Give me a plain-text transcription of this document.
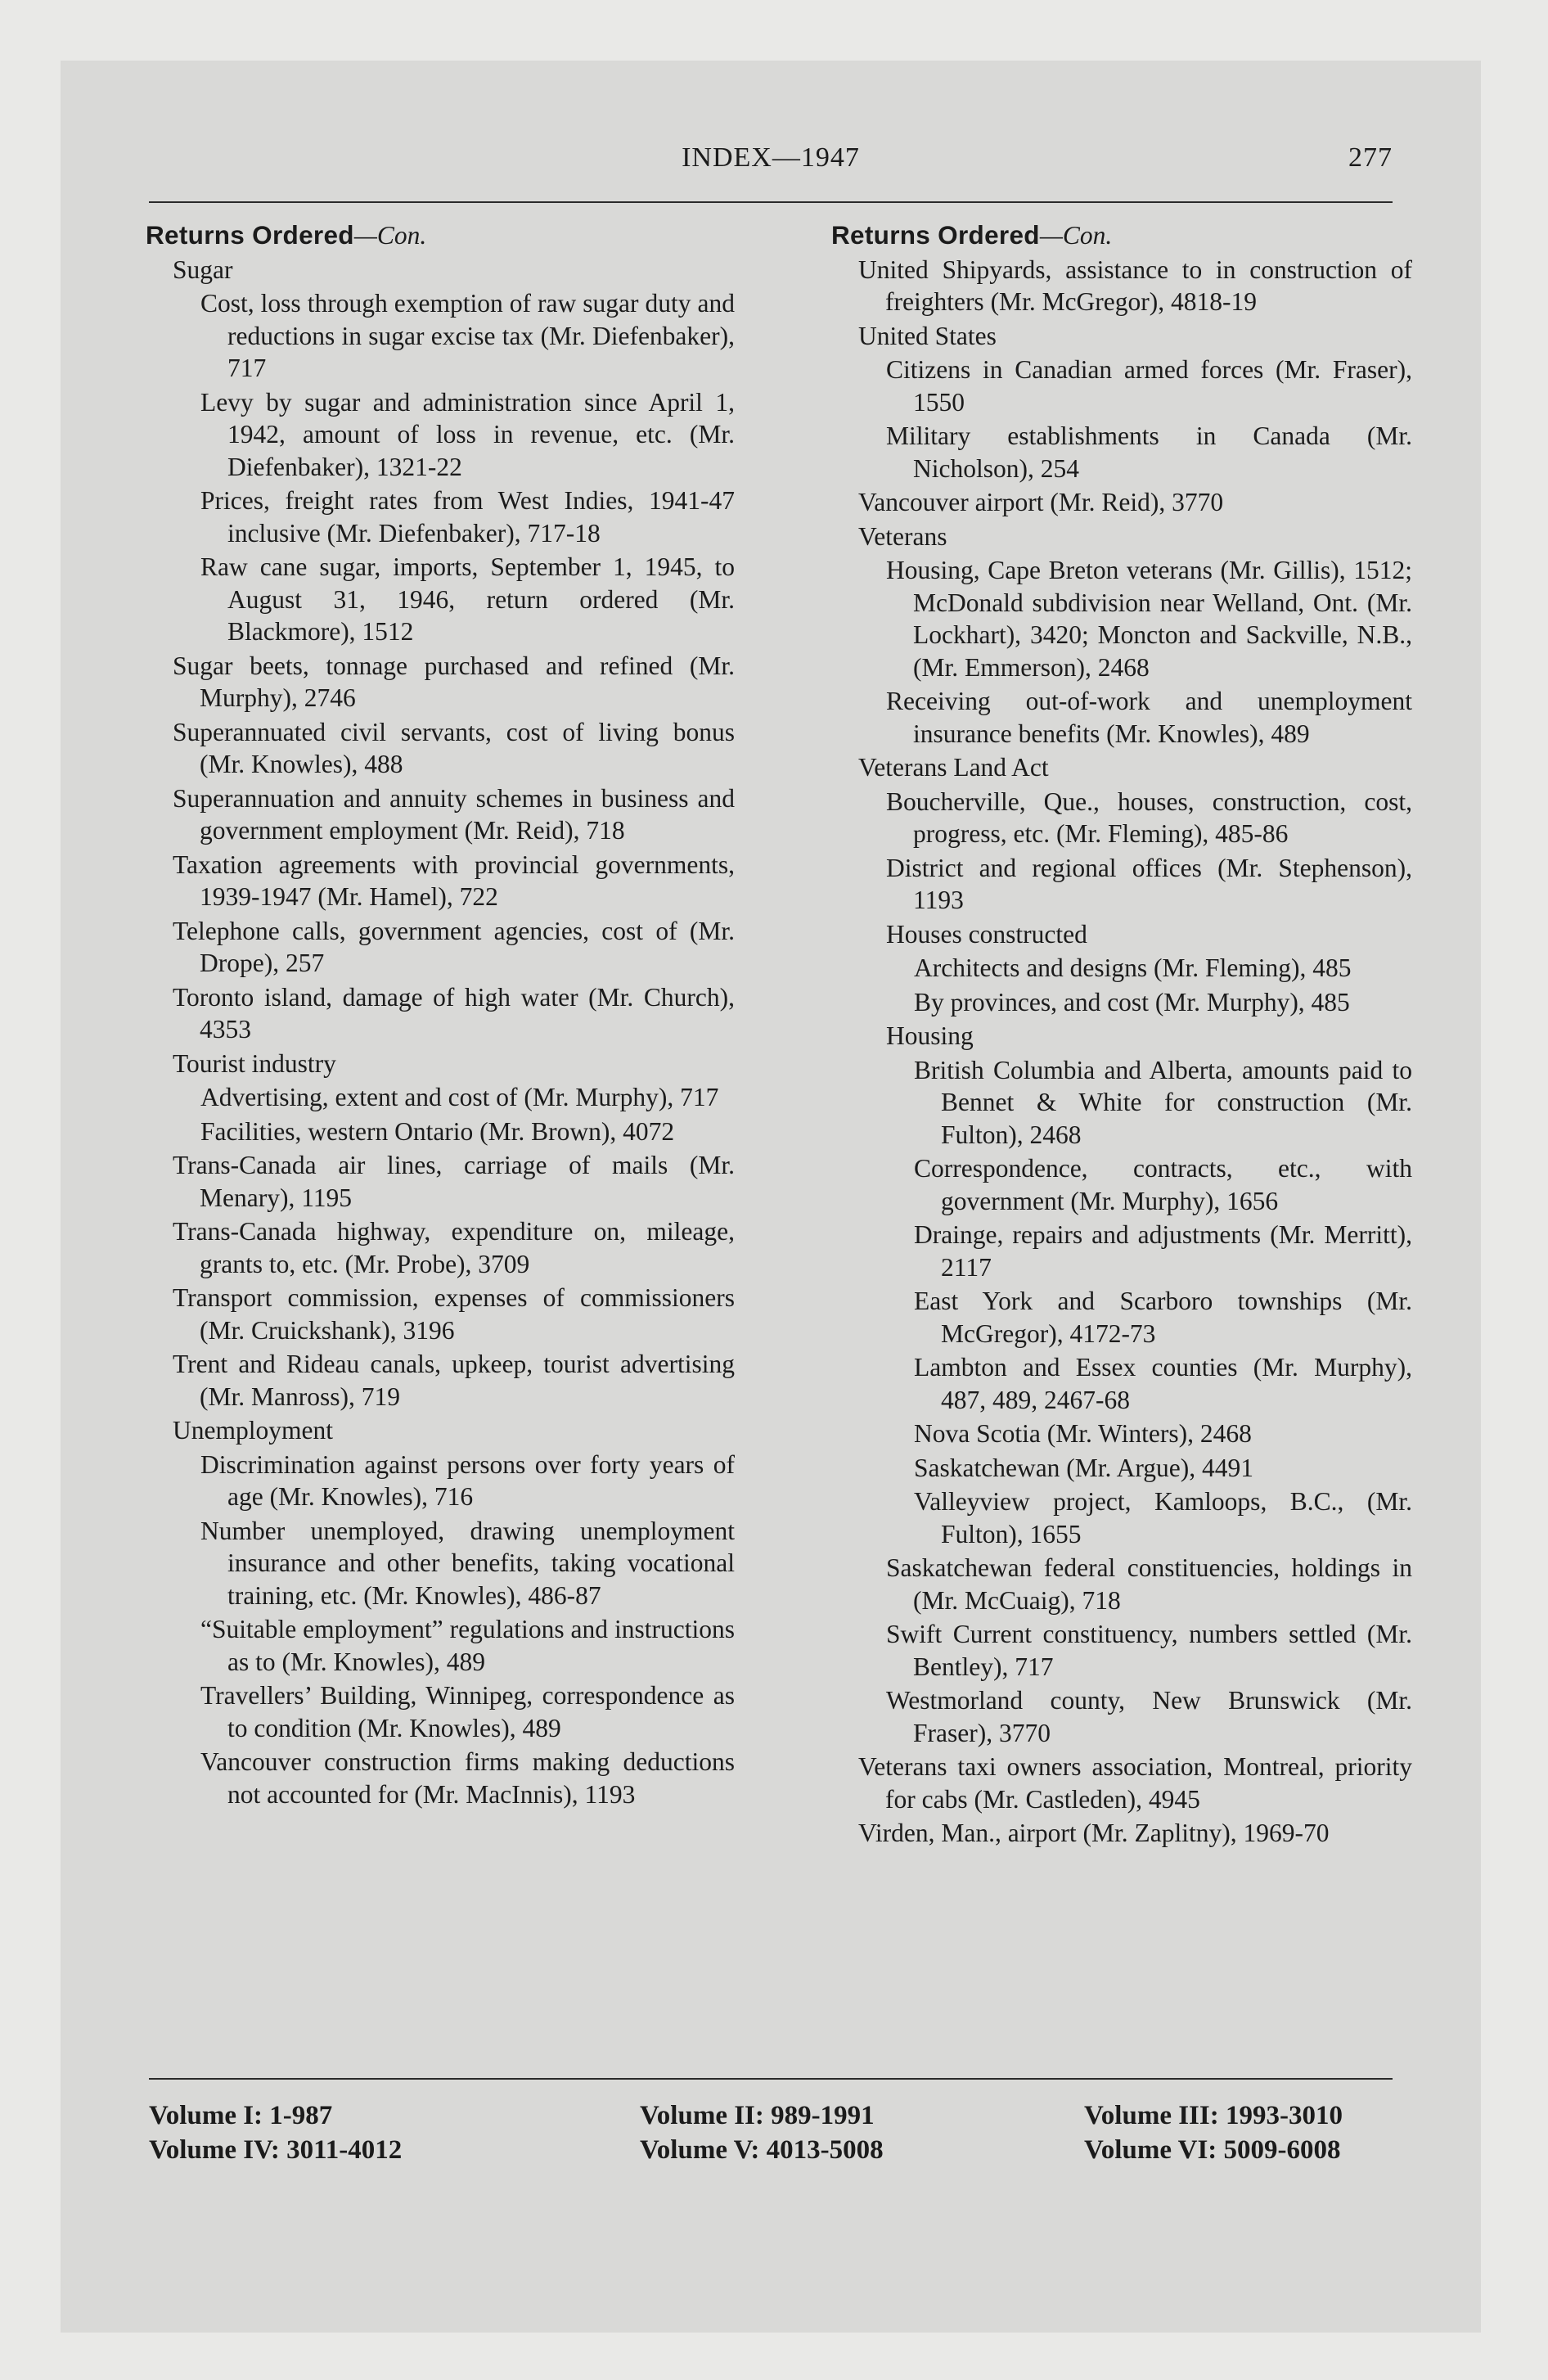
INDEX—1947	277
Returns Ordered—Con.

Sugar

Cost, loss through exemption of raw sugar duty and reductions in sugar excise tax (Mr. Diefenbaker), 717

Levy by sugar and administration since April 1, 1942, amount of loss in revenue, etc. (Mr. Diefenbaker), 1321-22

Prices, freight rates from West Indies, 1941-47 inclusive (Mr. Diefenbaker), 717-18

Raw cane sugar, imports, September 1, 1945, to August 31, 1946, return ordered (Mr. Blackmore), 1512

Sugar beets, tonnage purchased and refined (Mr. Murphy), 2746

Superannuated civil servants, cost of living bonus (Mr. Knowles), 488

Superannuation and annuity schemes in business and government employment (Mr. Reid), 718

Taxation agreements with provincial governments, 1939-1947 (Mr. Hamel), 722

Telephone calls, government agencies, cost of (Mr. Drope), 257

Toronto island, damage of high water (Mr. Church), 4353

Tourist industry

Advertising, extent and cost of (Mr. Murphy), 717

Facilities, western Ontario (Mr. Brown), 4072

Trans-Canada air lines, carriage of mails (Mr. Menary), 1195

Trans-Canada highway, expenditure on, mileage, grants to, etc. (Mr. Probe), 3709

Transport commission, expenses of commissioners (Mr. Cruickshank), 3196

Trent and Rideau canals, upkeep, tourist advertising (Mr. Manross), 719

Unemployment

Discrimination against persons over forty years of age (Mr. Knowles), 716

Number unemployed, drawing unemployment insurance and other benefits, taking vocational training, etc. (Mr. Knowles), 486-87

“Suitable employment” regulations and instructions as to (Mr. Knowles), 489

Travellers’ Building, Winnipeg, correspondence as to condition (Mr. Knowles), 489

Vancouver construction firms making deductions not accounted for (Mr. MacInnis), 1193

Returns Ordered—Con.

United Shipyards, assistance to in construction of freighters (Mr. McGregor), 4818-19

United States

Citizens in Canadian armed forces (Mr. Fraser), 1550

Military establishments in Canada (Mr. Nicholson), 254

Vancouver airport (Mr. Reid), 3770

Veterans

Housing, Cape Breton veterans (Mr. Gillis), 1512; McDonald subdivision near Welland, Ont. (Mr. Lockhart), 3420; Moncton and Sackville, N.B., (Mr. Emmerson), 2468

Receiving out-of-work and unemployment insurance benefits (Mr. Knowles), 489

Veterans Land Act

Boucherville, Que., houses, construction, cost, progress, etc. (Mr. Fleming), 485-86

District and regional offices (Mr. Stephenson), 1193

Houses constructed

Architects and designs (Mr. Fleming), 485

By provinces, and cost (Mr. Murphy), 485

Housing

British Columbia and Alberta, amounts paid to Bennet & White for construction (Mr. Fulton), 2468

Correspondence, contracts, etc., with government (Mr. Murphy), 1656

Drainge, repairs and adjustments (Mr. Merritt), 2117

East York and Scarboro townships (Mr. McGregor), 4172-73

Lambton and Essex counties (Mr. Murphy), 487, 489, 2467-68

Nova Scotia (Mr. Winters), 2468

Saskatchewan (Mr. Argue), 4491

Valleyview project, Kamloops, B.C., (Mr. Fulton), 1655

Saskatchewan federal constituencies, holdings in (Mr. McCuaig), 718

Swift Current constituency, numbers settled (Mr. Bentley), 717

Westmorland county, New Brunswick (Mr. Fraser), 3770

Veterans taxi owners association, Montreal, priority for cabs (Mr. Castleden), 4945

Virden, Man., airport (Mr. Zaplitny), 1969-70

Volume I: 1-987
Volume IV: 3011-4012
Volume II: 989-1991
Volume V: 4013-5008
Volume III: 1993-3010
Volume VI: 5009-6008
